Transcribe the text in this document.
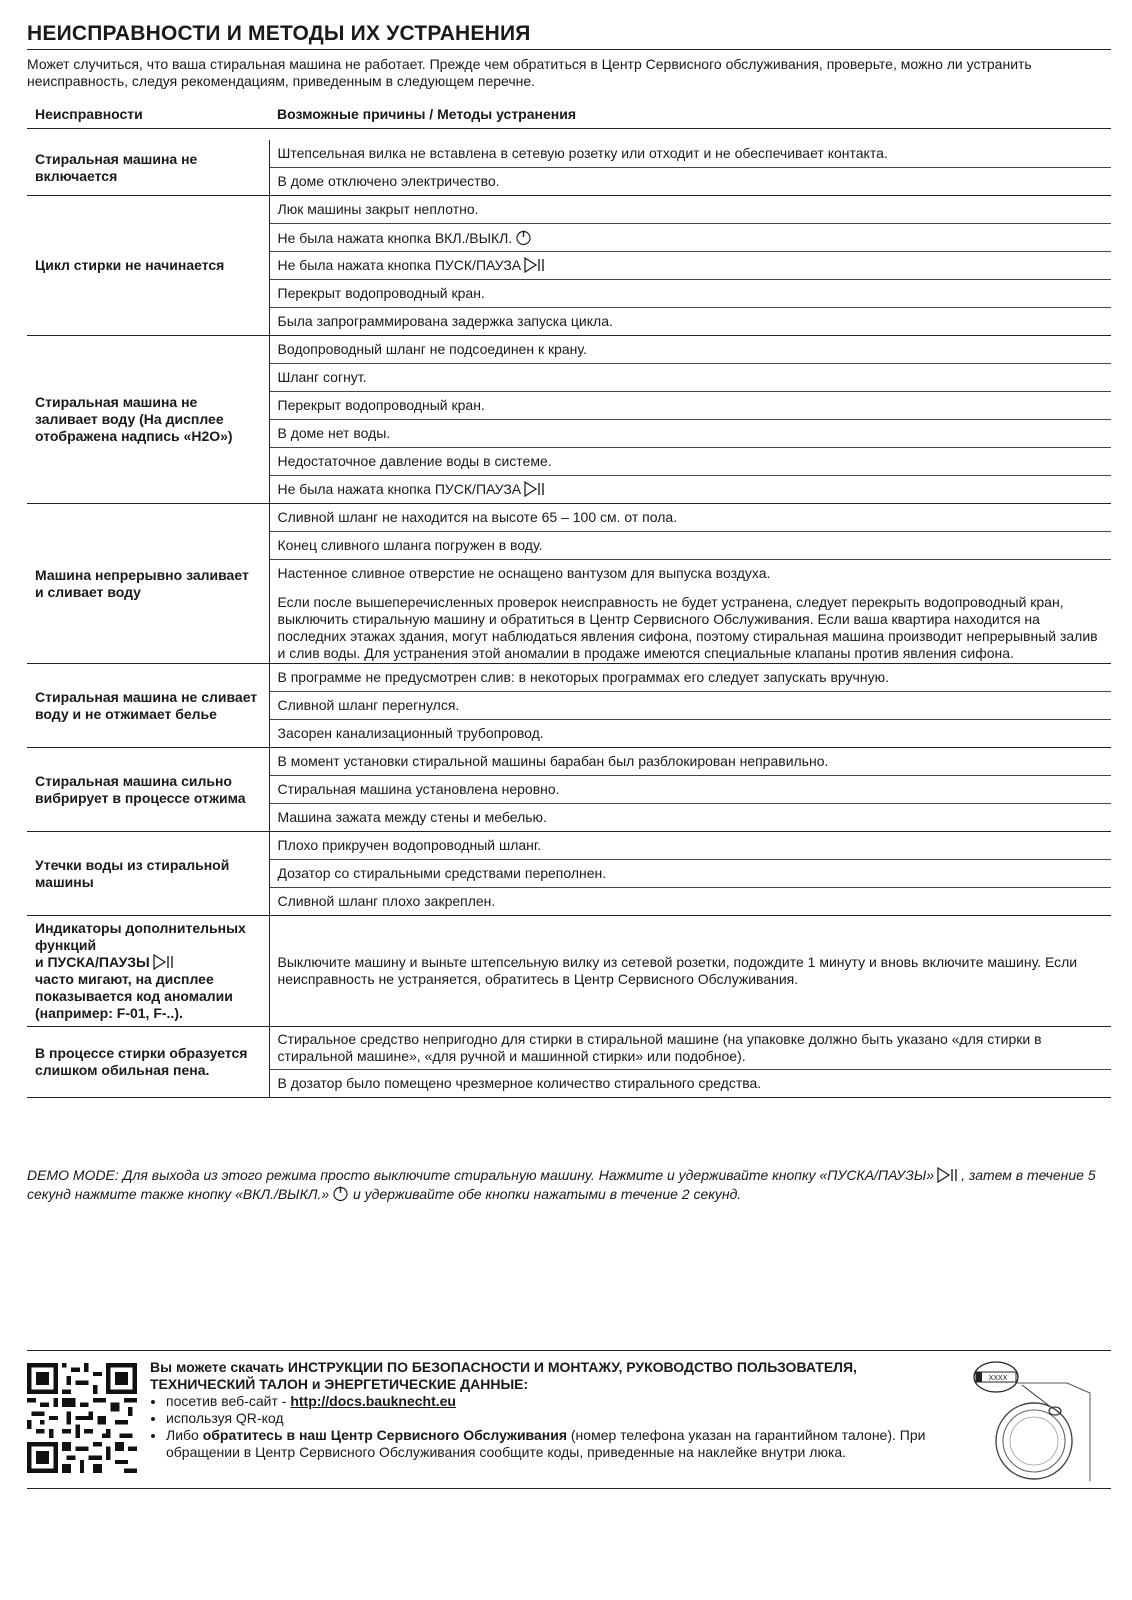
НЕИСПРАВНОСТИ И МЕТОДЫ ИХ УСТРАНЕНИЯ

Может случиться, что ваша стиральная машина не работает. Прежде чем обратиться в Центр Сервисного обслуживания, проверьте, можно ли устранить неисправность, следуя рекомендациям, приведенным в следующем перечне.

Неисправности	Возможные причины / Методы устранения

Стиральная машина не включается	Штепсельная вилка не вставлена в сетевую розетку или отходит и не обеспечивает контакта.
	В доме отключено электричество.
Цикл стирки не начинается	Люк машины закрыт неплотно.
	Не была нажата кнопка ВКЛ./ВЫКЛ.
	Не была нажата кнопка ПУСК/ПАУЗА
	Перекрыт водопроводный кран.
	Была запрограммирована задержка запуска цикла.
Стиральная машина не заливает воду (На дисплее отображена надпись «H2O»)	Водопроводный шланг не подсоединен к крану.
	Шланг согнут.
	Перекрыт водопроводный кран.
	В доме нет воды.
	Недостаточное давление воды в системе.
	Не была нажата кнопка ПУСК/ПАУЗА
Машина непрерывно заливает и сливает воду	Сливной шланг не находится на высоте 65 – 100 см. от пола.
	Конец сливного шланга погружен в воду.
	Настенное сливное отверстие не оснащено вантузом для выпуска воздуха.
	Если после вышеперечисленных проверок неисправность не будет устранена, следует перекрыть водопроводный кран, выключить стиральную машину и обратиться в Центр Сервисного Обслуживания. Если ваша квартира находится на последних этажах здания, могут наблюдаться явления сифона, поэтому стиральная машина производит непрерывный залив и слив воды. Для устранения этой аномалии в продаже имеются специальные клапаны против явления сифона.
Стиральная машина не сливает воду и не отжимает белье	В программе не предусмотрен слив: в некоторых программах его следует запускать вручную.
	Сливной шланг перегнулся.
	Засорен канализационный трубопровод.
Стиральная машина сильно вибрирует в процессе отжима	В момент установки стиральной машины барабан был разблокирован неправильно.
	Стиральная машина установлена неровно.
	Машина зажата между стены и мебелью.
Утечки воды из стиральной машины	Плохо прикручен водопроводный шланг.
	Дозатор со стиральными средствами переполнен.
	Сливной шланг плохо закреплен.
Индикаторы дополнительных функций
и ПУСКА/ПАУЗЫ
часто мигают, на дисплее показывается код аномалии (например: F-01, F-..).	Выключите машину и выньте штепсельную вилку из сетевой розетки, подождите 1 минуту и вновь включите машину. Если неисправность не устраняется, обратитесь в Центр Сервисного Обслуживания.
В процессе стирки образуется слишком обильная пена.	Стиральное средство непригодно для стирки в стиральной машине (на упаковке должно быть указано «для стирки в стиральной машине», «для ручной и машинной стирки» или подобное).
	В дозатор было помещено чрезмерное количество стирального средства.
DEMO MODE: Для выхода из этого режима просто выключите стиральную машину. Нажмите и удерживайте кнопку «ПУСКА/ПАУЗЫ» , затем в течение 5 секунд нажмите также кнопку «ВКЛ./ВЫКЛ.» и удерживайте обе кнопки нажатыми в течение 2 секунд.
Вы можете скачать ИНСТРУКЦИИ ПО БЕЗОПАСНОСТИ И МОНТАЖУ, РУКОВОДСТВО ПОЛЬЗОВАТЕЛЯ, ТЕХНИЧЕСКИЙ ТАЛОН и ЭНЕРГЕТИЧЕСКИЕ ДАННЫЕ:
• посетив веб-сайт - http://docs.bauknecht.eu
• используя QR-код
• Либо обратитесь в наш Центр Сервисного Обслуживания (номер телефона указан на гарантийном талоне). При обращении в Центр Сервисного Обслуживания сообщите коды, приведенные на наклейке внутри люка.
XXXX
